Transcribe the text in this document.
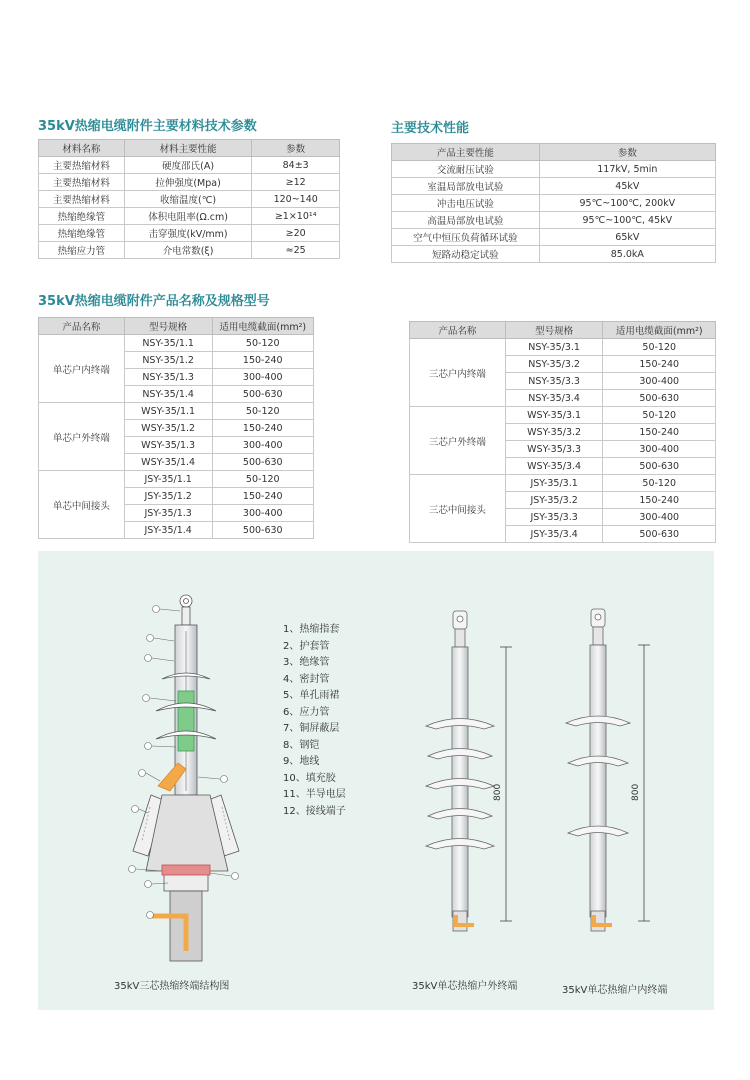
35kV热缩电缆附件主要材料技术参数
材料名称	材料主要性能	参数
主要热缩材料	硬度邵氏(A)	84±3
主要热缩材料	拉伸强度(Mpa)	≥12
主要热缩材料	收缩温度(℃)	120~140
热缩绝缘管	体积电阻率(Ω.cm)	≥1×10¹⁴
热缩绝缘管	击穿强度(kV/mm)	≥20
热缩应力管	介电常数(ξ)	≈25
主要技术性能
产品主要性能	参数
交流耐压试验	117kV, 5min
室温局部放电试验	45kV
冲击电压试验	95℃~100℃, 200kV
高温局部放电试验	95℃~100℃, 45kV
空气中恒压负荷循环试验	65kV
短路动稳定试验	85.0kA
35kV热缩电缆附件产品名称及规格型号
产品名称	型号规格	适用电缆截面(mm²)
单芯户内终端	NSY-35/1.1	50-120
	NSY-35/1.2	150-240
	NSY-35/1.3	300-400
	NSY-35/1.4	500-630
单芯户外终端	WSY-35/1.1	50-120
	WSY-35/1.2	150-240
	WSY-35/1.3	300-400
	WSY-35/1.4	500-630
单芯中间接头	JSY-35/1.1	50-120
	JSY-35/1.2	150-240
	JSY-35/1.3	300-400
	JSY-35/1.4	500-630
产品名称	型号规格	适用电缆截面(mm²)
三芯户内终端	NSY-35/3.1	50-120
	NSY-35/3.2	150-240
	NSY-35/3.3	300-400
	NSY-35/3.4	500-630
三芯户外终端	WSY-35/3.1	50-120
	WSY-35/3.2	150-240
	WSY-35/3.3	300-400
	WSY-35/3.4	500-630
三芯中间接头	JSY-35/3.1	50-120
	JSY-35/3.2	150-240
	JSY-35/3.3	300-400
	JSY-35/3.4	500-630
800	800
1、热缩指套
2、护套管
3、绝缘管
4、密封管
5、单孔雨裙
6、应力管
7、铜屏蔽层
8、钢铠
9、地线
10、填充胶
11、半导电层
12、接线端子
35kV三芯热缩终端结构图	35kV单芯热缩户外终端	35kV单芯热缩户内终端
